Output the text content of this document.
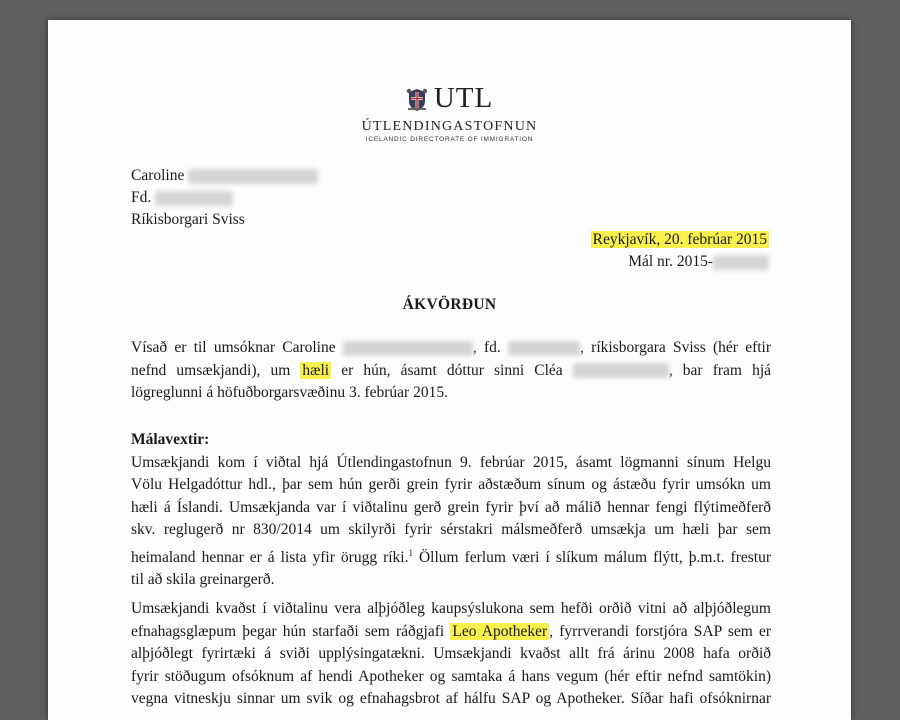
UTL
ÚTLENDINGASTOFNUN
ICELANDIC DIRECTORATE OF IMMIGRATION
Caroline
Fd.
Ríkisborgari Sviss
Reykjavík, 20. febrúar 2015
Mál nr. 2015-
ÁKVÖRÐUN
Vísað er til umsóknar Caroline	, fd.	, ríkisborgara Sviss (hér eftir
nefnd umsækjandi), um hæli er hún, ásamt dóttur sinni Cléa	, bar fram hjá
lögreglunni á höfuðborgarsvæðinu 3. febrúar 2015.
Málavextir:
Umsækjandi kom í viðtal hjá Útlendingastofnun 9. febrúar 2015, ásamt lögmanni sínum Helgu
Völu Helgadóttur hdl., þar sem hún gerði grein fyrir aðstæðum sínum og ástæðu fyrir umsókn um
hæli á Íslandi. Umsækjanda var í viðtalinu gerð grein fyrir því að málið hennar fengi flýtimeðferð
skv. reglugerð nr 830/2014 um skilyrði fyrir sérstakri málsmeðferð umsækja um hæli þar sem
heimaland hennar er á lista yfir örugg ríki.$^1$ Öllum ferlum væri í slíkum málum flýtt, þ.m.t. frestur
til að skila greinargerð.
Umsækjandi kvaðst í viðtalinu vera alþjóðleg kaupsýslukona sem hefði orðið vitni að alþjóðlegum
efnahagsglæpum þegar hún starfaði sem ráðgjafi Leo Apotheker , fyrrverandi forstjóra SAP sem er
alþjóðlegt fyrirtæki á sviði upplýsingatækni. Umsækjandi kvaðst allt frá árinu 2008 hafa orðið
fyrir stöðugum ofsóknum af hendi Apotheker og samtaka á hans vegum (hér eftir nefnd samtökin)
vegna vitneskju sinnar um svik og efnahagsbrot af hálfu SAP og Apotheker. Síðar hafi ofsóknirnar
